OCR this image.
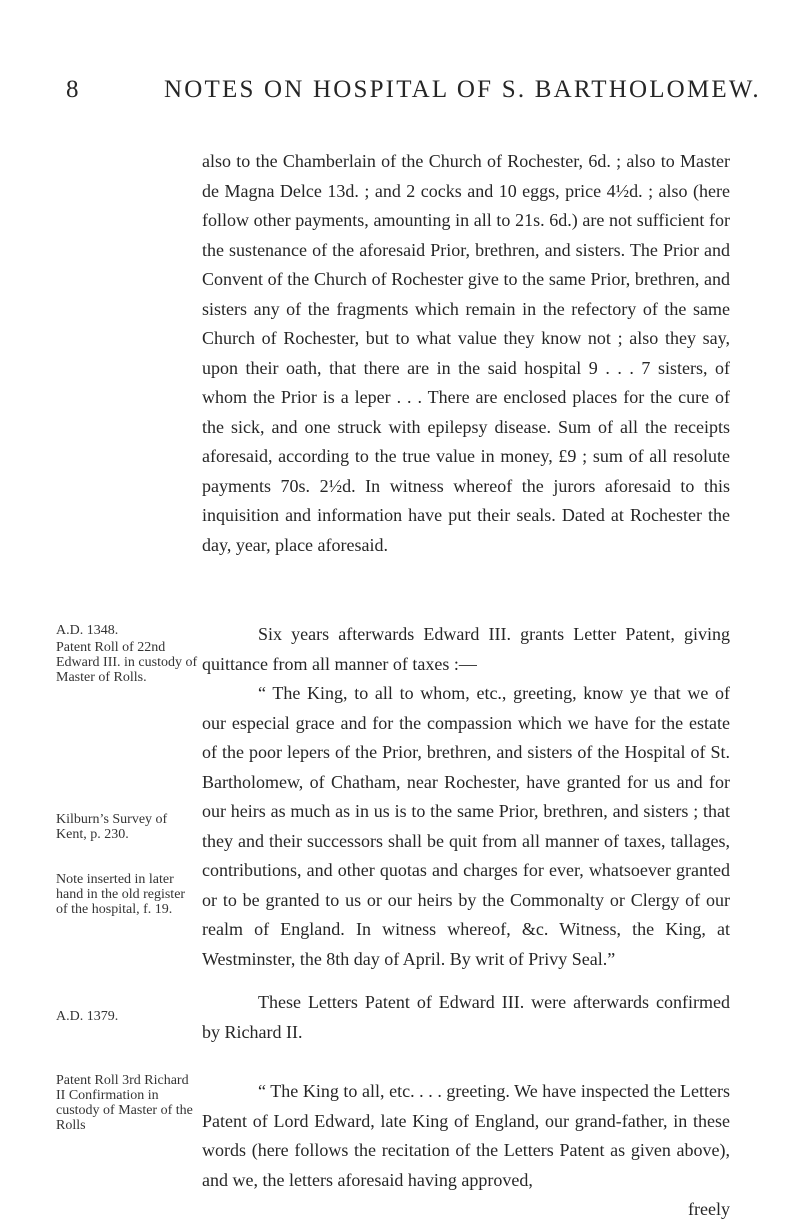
8	NOTES ON HOSPITAL OF S. BARTHOLOMEW.

also to the Chamberlain of the Church of Rochester, 6d. ; also to Master de Magna Delce 13d. ; and 2 cocks and 10 eggs, price 4½d. ; also (here follow other payments, amounting in all to 21s. 6d.) are not sufficient for the sustenance of the aforesaid Prior, brethren, and sisters. The Prior and Convent of the Church of Rochester give to the same Prior, brethren, and sisters any of the fragments which remain in the refectory of the same Church of Rochester, but to what value they know not ; also they say, upon their oath, that there are in the said hospital 9 . . . 7 sisters, of whom the Prior is a leper . . . There are enclosed places for the cure of the sick, and one struck with epilepsy disease. Sum of all the receipts aforesaid, according to the true value in money, £9 ; sum of all resolute payments 70s. 2½d. In witness whereof the jurors aforesaid to this inquisition and information have put their seals. Dated at Rochester the day, year, place aforesaid.

Six years afterwards Edward III. grants Letter Patent, giving quittance from all manner of taxes :—

“ The King, to all to whom, etc., greeting, know ye that we of our especial grace and for the compassion which we have for the estate of the poor lepers of the Prior, brethren, and sisters of the Hospital of St. Bartholomew, of Chatham, near Rochester, have granted for us and for our heirs as much as in us is to the same Prior, brethren, and sisters ; that they and their successors shall be quit from all manner of taxes, tallages, contributions, and other quotas and charges for ever, whatsoever granted or to be granted to us or our heirs by the Commonalty or Clergy of our realm of England. In witness whereof, &c. Witness, the King, at Westminster, the 8th day of April. By writ of Privy Seal.”

These Letters Patent of Edward III. were afterwards confirmed by Richard II.

“ The King to all, etc. . . . greeting. We have inspected the Letters Patent of Lord Edward, late King of England, our grand-father, in these words (here follows the recitation of the Letters Patent as given above), and we, the letters aforesaid having approved,

freely

A.D. 1348.
Patent Roll of 22nd Edward III. in custody of Master of Rolls.
Kilburn’s Survey of Kent, p. 230.
Note inserted in later hand in the old register of the hospital, f. 19.
A.D. 1379.
Patent Roll 3rd Richard II Confirmation in custody of Master of the Rolls
